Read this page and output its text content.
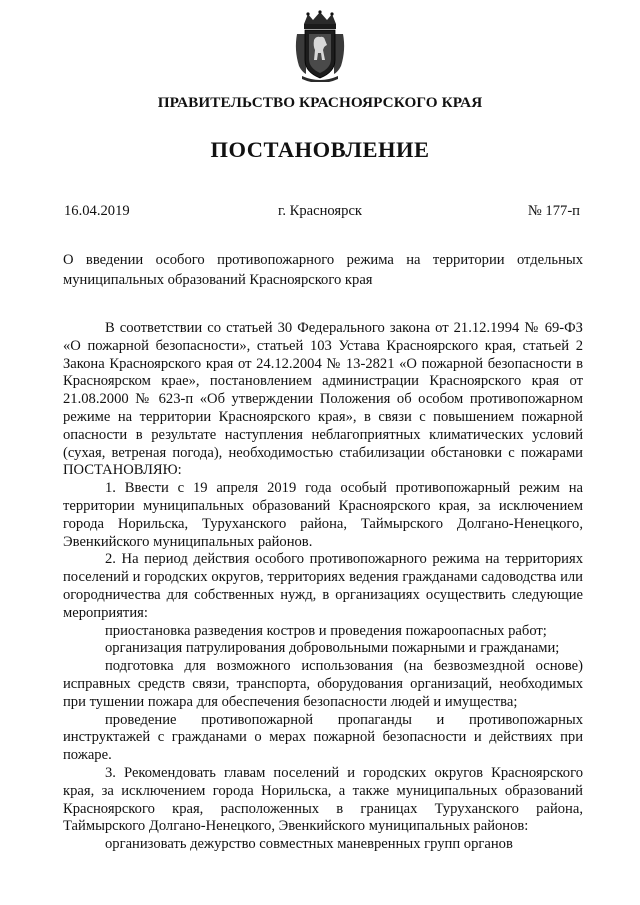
ПРАВИТЕЛЬСТВО КРАСНОЯРСКОГО КРАЯ
ПОСТАНОВЛЕНИЕ
16.04.2019	г. Красноярск	№ 177-п
О введении особого противопожарного режима на территории отдельных муниципальных образований Красноярского края

В соответствии со статьей 30 Федерального закона от 21.12.1994 № 69-ФЗ «О пожарной безопасности», статьей 103 Устава Красноярского края, статьей 2 Закона Красноярского края от 24.12.2004 № 13-2821 «О пожарной безопасности в Красноярском крае», постановлением администрации Красноярского края от 21.08.2000 № 623-п «Об утверждении Положения об особом противопожарном режиме на территории Красноярского края», в связи с повышением пожарной опасности в результате наступления неблагоприятных климатических условий (сухая, ветреная погода), необходимостью стабилизации обстановки с пожарами ПОСТАНОВЛЯЮ:

1. Ввести с 19 апреля 2019 года особый противопожарный режим на территории муниципальных образований Красноярского края, за исключением города Норильска, Туруханского района, Таймырского Долгано-Ненецкого, Эвенкийского муниципальных районов.

2. На период действия особого противопожарного режима на территориях поселений и городских округов, территориях ведения гражданами садоводства или огородничества для собственных нужд, в организациях осуществить следующие мероприятия:

приостановка разведения костров и проведения пожароопасных работ;

организация патрулирования добровольными пожарными и гражданами;

подготовка для возможного использования (на безвозмездной основе) исправных средств связи, транспорта, оборудования организаций, необходимых при тушении пожара для обеспечения безопасности людей и имущества;

проведение противопожарной пропаганды и противопожарных инструктажей с гражданами о мерах пожарной безопасности и действиях при пожаре.

3. Рекомендовать главам поселений и городских округов Красноярского края, за исключением города Норильска, а также муниципальных образований Красноярского края, расположенных в границах Туруханского района, Таймырского Долгано-Ненецкого, Эвенкийского муниципальных районов:

организовать дежурство совместных маневренных групп органов
